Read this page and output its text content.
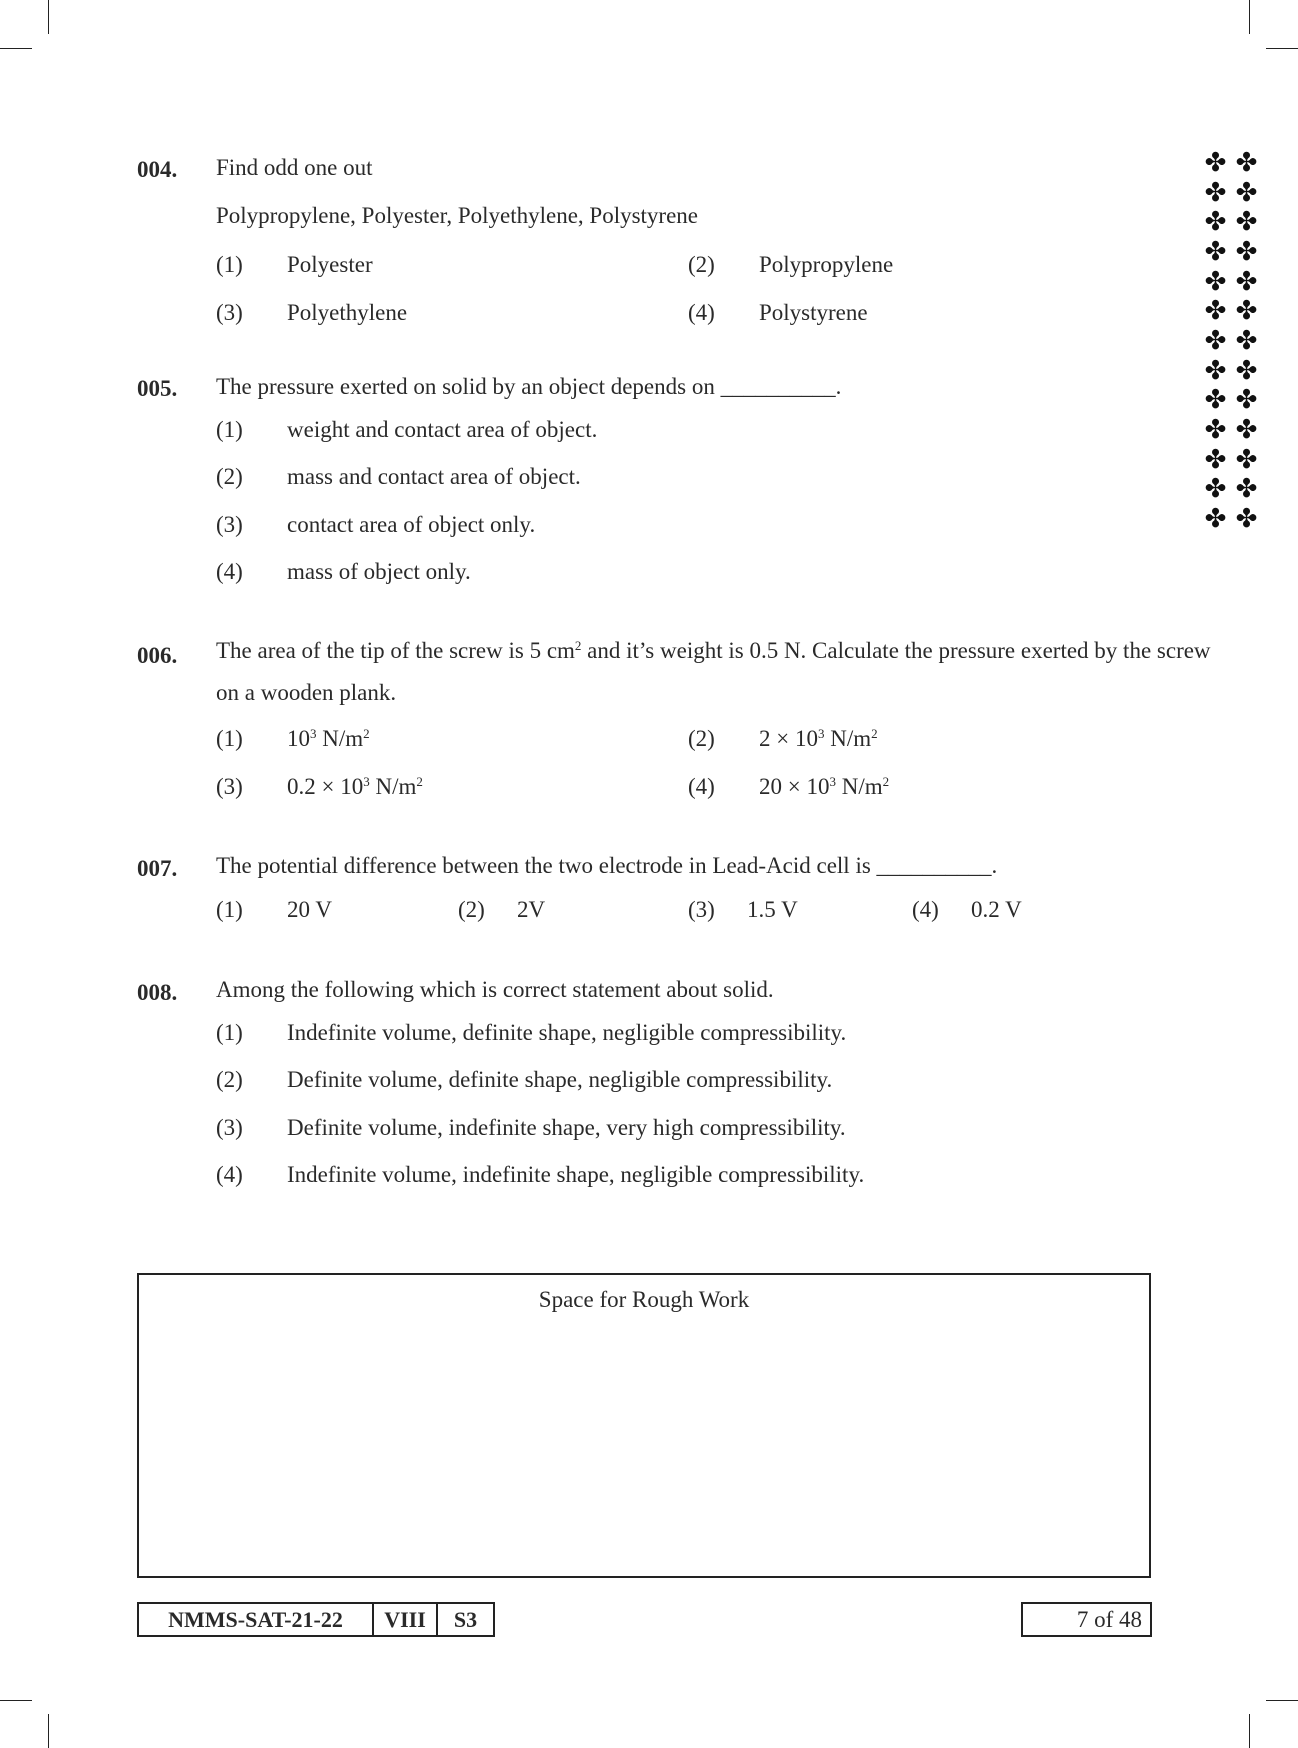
✤ ✤
✤ ✤
✤ ✤
✤ ✤
✤ ✤
✤ ✤
✤ ✤
✤ ✤
✤ ✤
✤ ✤
✤ ✤
✤ ✤
✤ ✤
004. Find odd one out
Polypropylene, Polyester, Polyethylene, Polystyrene
(1) Polyester	(2) Polypropylene
(3) Polyethylene	(4) Polystyrene
005. The pressure exerted on solid by an object depends on __________.
(1) weight and contact area of object.
(2) mass and contact area of object.
(3) contact area of object only.
(4) mass of object only.
006. The area of the tip of the screw is 5 $cm^2$ and it’s weight is 0.5 N. Calculate the pressure exerted by the screw on a wooden plank.
(1) $10^3$ $N/m^2$	(2) $2 \times 10^3$ $N/m^2$
(3) $0.2 \times 10^3$ $N/m^2$	(4) $20 \times 10^3$ $N/m^2$
007. The potential difference between the two electrode in Lead-Acid cell is __________.
(1) 20 V	(2) 2V	(3) 1.5 V	(4) 0.2 V
008. Among the following which is correct statement about solid.
(1) Indefinite volume, definite shape, negligible compressibility.
(2) Definite volume, definite shape, negligible compressibility.
(3) Definite volume, indefinite shape, very high compressibility.
(4) Indefinite volume, indefinite shape, negligible compressibility.
Space for Rough Work
NMMS-SAT-21-22	VIII	S3	7 of 48
